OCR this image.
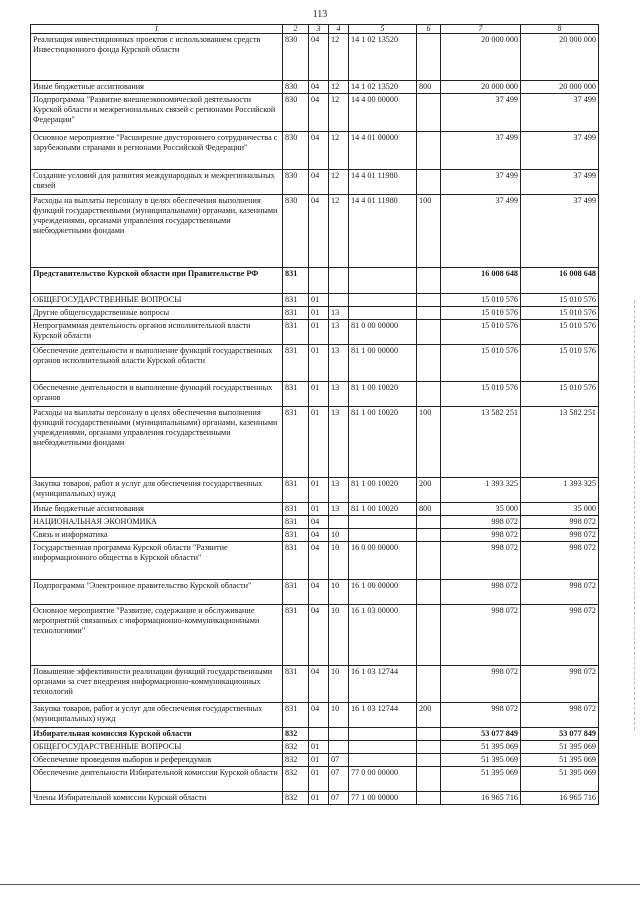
113
1	2	3	4	5	6	7	8
Реализация инвестиционных проектов с использованием средств Инвестиционного фонда Курской области	830	04	12	14 1 02 13520		20 000 000	20 000 000
Иные бюджетные ассигнования	830	04	12	14 1 02 13520	800	20 000 000	20 000 000
Подпрограмма "Развитие внешнеэкономической деятельности Курской области и межрегиональных связей с регионами Российской Федерации"	830	04	12	14 4 00 00000		37 499	37 499
Основное мероприятие "Расширение двустороннего сотрудничества с зарубежными странами и регионами Российской Федерации"	830	04	12	14 4 01 00000		37 499	37 499
Создание условий для развития международных и межрегиональных связей	830	04	12	14 4 01 11980		37 499	37 499
Расходы на выплаты персоналу в целях обеспечения выполнения функций государственными (муниципальными) органами, казенными учреждениями, органами управления государственными внебюджетными фондами	830	04	12	14 4 01 11980	100	37 499	37 499
Представительство Курской области при Правительстве РФ	831					16 008 648	16 008 648
ОБЩЕГОСУДАРСТВЕННЫЕ ВОПРОСЫ	831	01				15 010 576	15 010 576
Другие общегосударственные вопросы	831	01	13			15 010 576	15 010 576
Непрограммная деятельность органов исполнительной власти Курской области	831	01	13	81 0 00 00000		15 010 576	15 010 576
Обеспечение деятельности и выполнение функций государственных органов исполнительной власти Курской области	831	01	13	81 1 00 00000		15 010 576	15 010 576
Обеспечение деятельности и выполнение функций государственных органов	831	01	13	81 1 00 10020		15 010 576	15 010 576
Расходы на выплаты персоналу в целях обеспечения выполнения функций государственными (муниципальными) органами, казенными учреждениями, органами управления государственными внебюджетными фондами	831	01	13	81 1 00 10020	100	13 582 251	13 582 251
Закупка товаров, работ и услуг для обеспечения государственных (муниципальных) нужд	831	01	13	81 1 00 10020	200	1 393 325	1 393 325
Иные бюджетные ассигнования	831	01	13	81 1 00 10020	800	35 000	35 000
НАЦИОНАЛЬНАЯ ЭКОНОМИКА	831	04				998 072	998 072
Связь и информатика	831	04	10			998 072	998 072
Государственная программа Курской области "Развитие информационного общества в Курской области"	831	04	10	16 0 00 00000		998 072	998 072
Подпрограмма "Электронное правительство Курской области"	831	04	10	16 1 00 00000		998 072	998 072
Основное мероприятие "Развитие, содержание и обслуживание мероприятий связанных с информационно-коммуникационными технологиями"	831	04	10	16 1 03 00000		998 072	998 072
Повышение эффективности реализации функций государственными органами за счет внедрения информационно-коммуникационных технологий	831	04	10	16 1 03 12744		998 072	998 072
Закупка товаров, работ и услуг для обеспечения государственных (муниципальных) нужд	831	04	10	16 1 03 12744	200	998 072	998 072
Избирательная комиссия Курской области	832					53 077 849	53 077 849
ОБЩЕГОСУДАРСТВЕННЫЕ ВОПРОСЫ	832	01				51 395 069	51 395 069
Обеспечение проведения выборов и референдумов	832	01	07			51 395 069	51 395 069
Обеспечение деятельности Избирательной комиссии Курской области	832	01	07	77 0 00 00000		51 395 069	51 395 069
Члены Избирательной комиссии Курской области	832	01	07	77 1 00 00000		16 965 716	16 965 716
